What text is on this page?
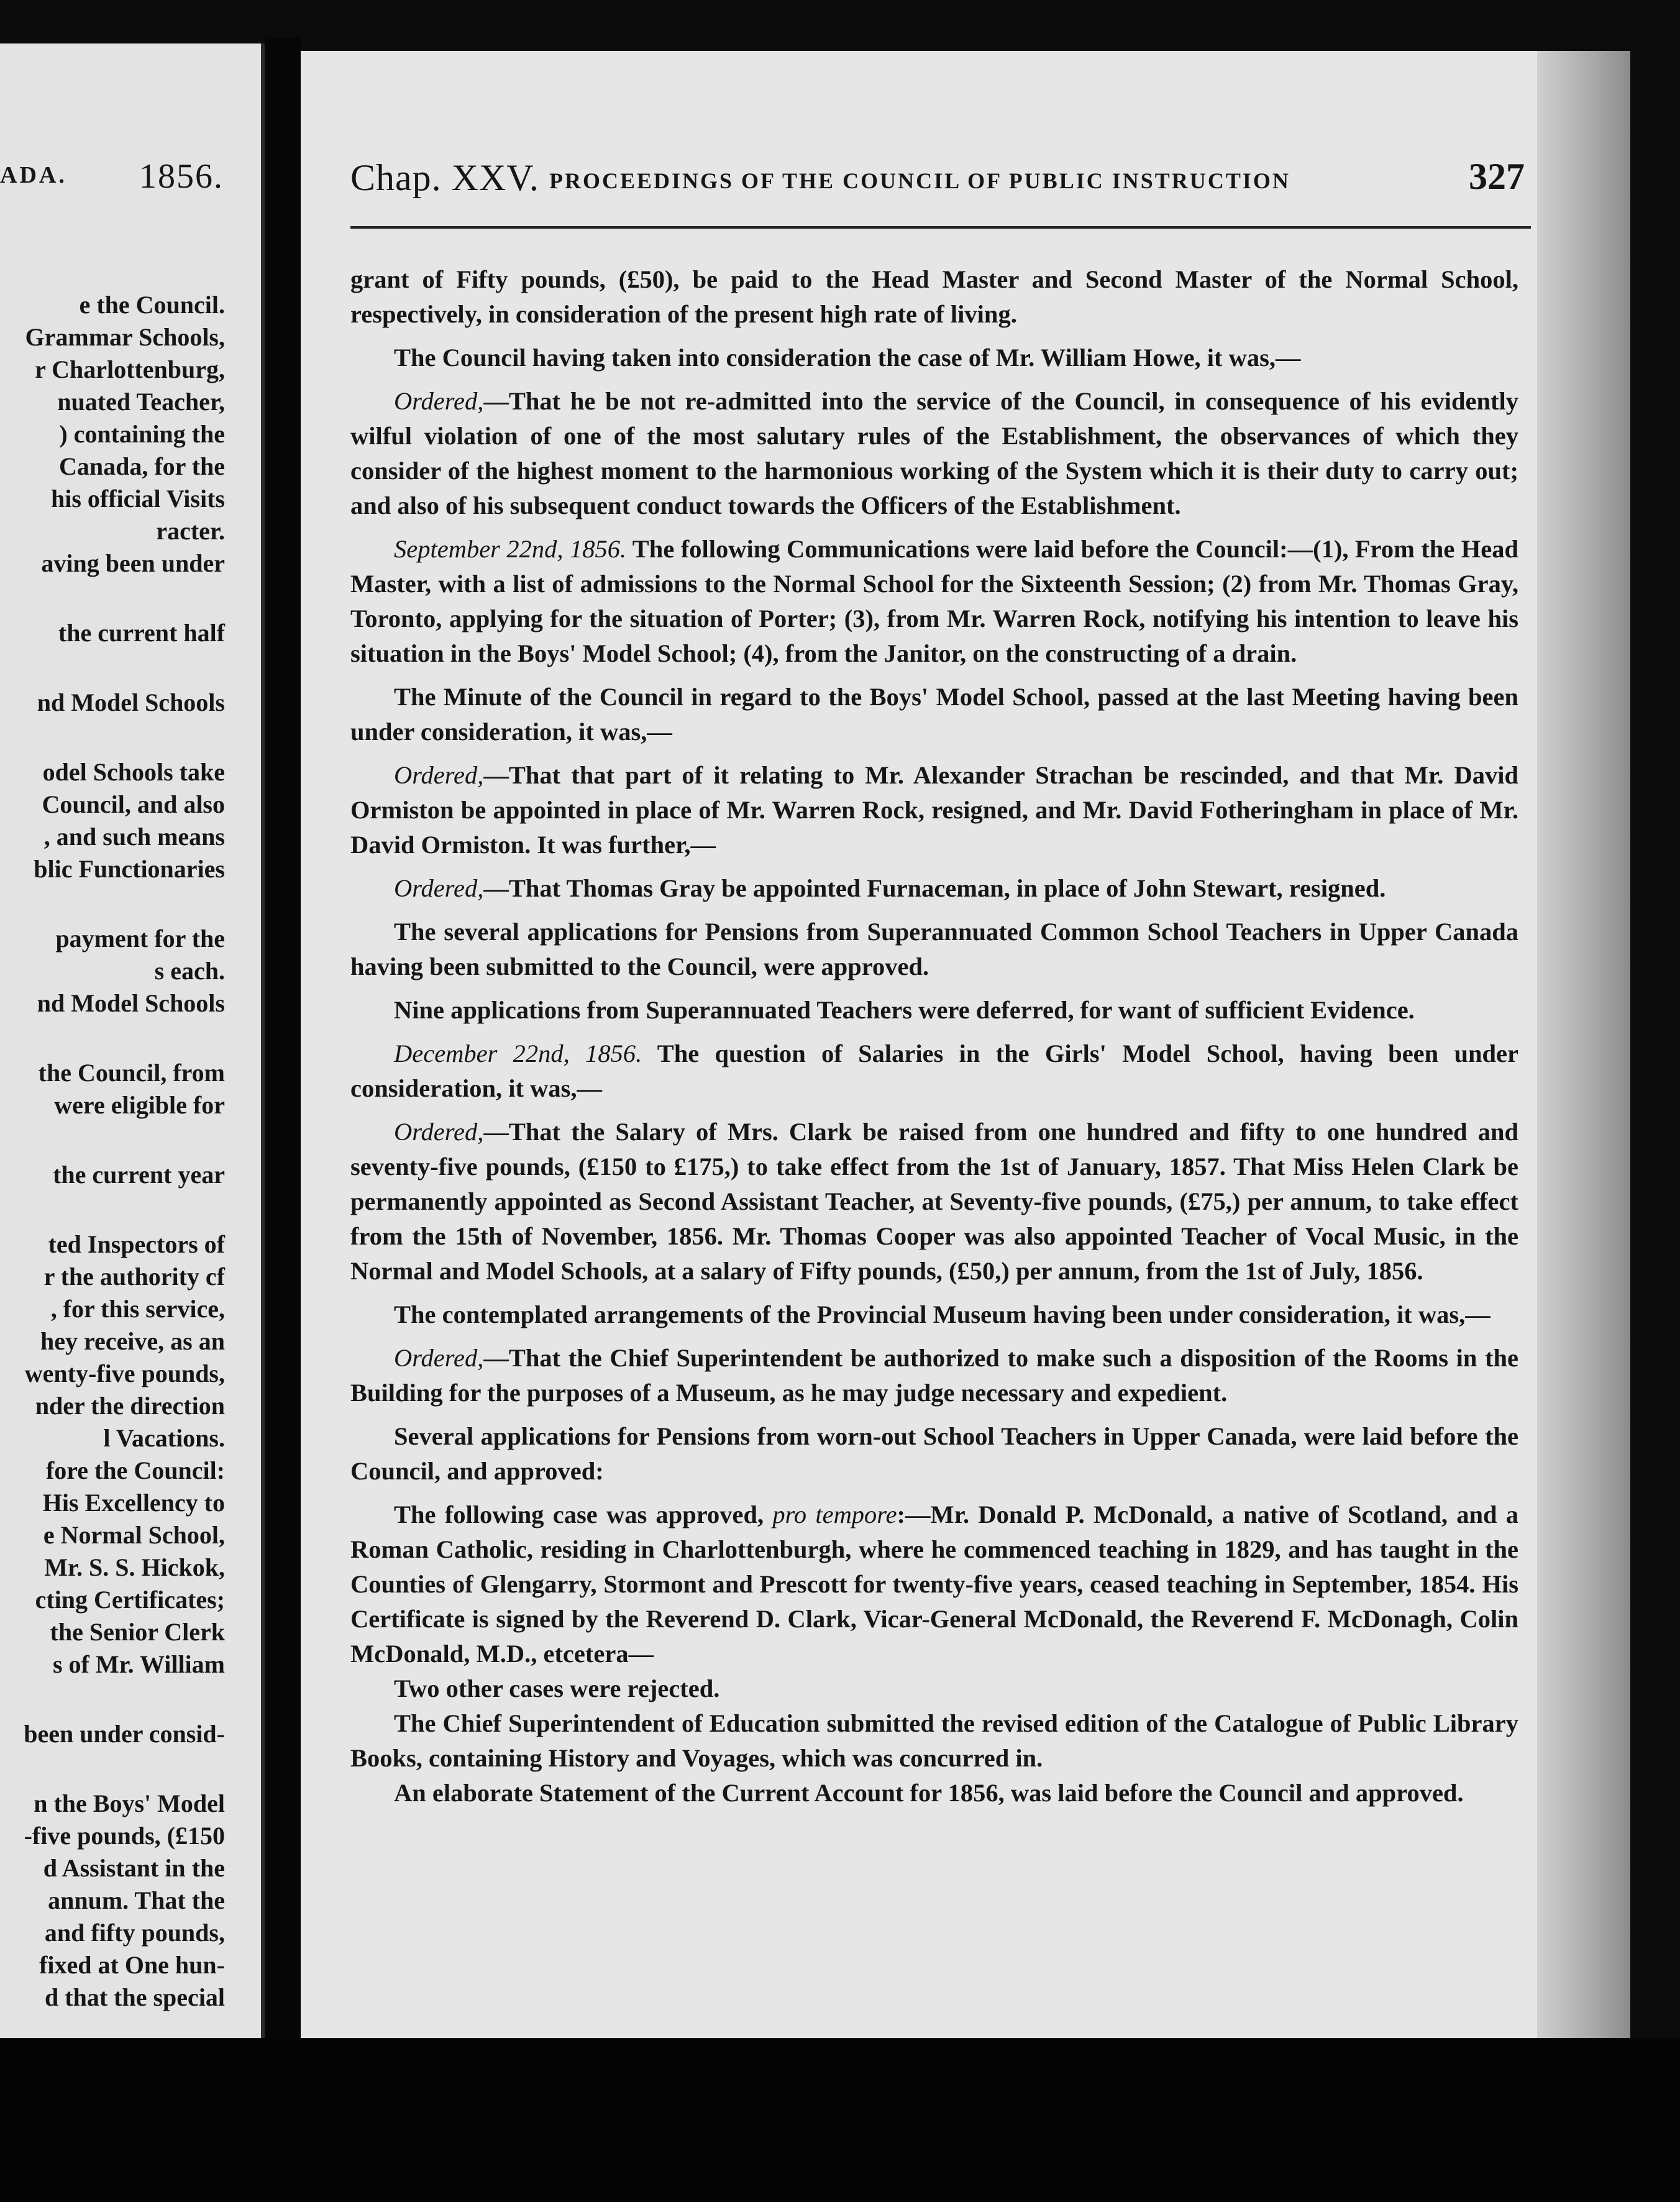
ADA. 1856.
e the Council.
Grammar Schools,
r Charlottenburg,
nuated Teacher,
) containing the
Canada, for the
his official Visits
racter.
aving been under
the current half
nd Model Schools
odel Schools take
Council, and also
, and such means
blic Functionaries
payment for the
s each.
nd Model Schools
the Council, from
were eligible for
the current year
ted Inspectors of
r the authority cf
, for this service,
hey receive, as an
wenty-five pounds,
nder the direction
l Vacations.
fore the Council:
His Excellency to
e Normal School,
Mr. S. S. Hickok,
cting Certificates;
the Senior Clerk
s of Mr. William
been under consid-
n the Boys' Model
-five pounds, (£150
d Assistant in the
annum. That the
and fifty pounds,
fixed at One hun-
d that the special
Chap. XXV. PROCEEDINGS OF THE COUNCIL OF PUBLIC INSTRUCTION	327

grant of Fifty pounds, (£50), be paid to the Head Master and Second Master of the Normal School, respectively, in consideration of the present high rate of living.

The Council having taken into consideration the case of Mr. William Howe, it was,—

Ordered,—That he be not re-admitted into the service of the Council, in consequence of his evidently wilful violation of one of the most salutary rules of the Establishment, the observances of which they consider of the highest moment to the harmonious working of the System which it is their duty to carry out; and also of his subsequent conduct towards the Officers of the Establishment.

September 22nd, 1856. The following Communications were laid before the Council:—(1), From the Head Master, with a list of admissions to the Normal School for the Sixteenth Session; (2) from Mr. Thomas Gray, Toronto, applying for the situation of Porter; (3), from Mr. Warren Rock, notifying his intention to leave his situation in the Boys' Model School; (4), from the Janitor, on the constructing of a drain.

The Minute of the Council in regard to the Boys' Model School, passed at the last Meeting having been under consideration, it was,—

Ordered,—That that part of it relating to Mr. Alexander Strachan be rescinded, and that Mr. David Ormiston be appointed in place of Mr. Warren Rock, resigned, and Mr. David Fotheringham in place of Mr. David Ormiston. It was further,—

Ordered,—That Thomas Gray be appointed Furnaceman, in place of John Stewart, resigned.

The several applications for Pensions from Superannuated Common School Teachers in Upper Canada having been submitted to the Council, were approved.

Nine applications from Superannuated Teachers were deferred, for want of sufficient Evidence.

December 22nd, 1856. The question of Salaries in the Girls' Model School, having been under consideration, it was,—

Ordered,—That the Salary of Mrs. Clark be raised from one hundred and fifty to one hundred and seventy-five pounds, (£150 to £175,) to take effect from the 1st of January, 1857. That Miss Helen Clark be permanently appointed as Second Assistant Teacher, at Seventy-five pounds, (£75,) per annum, to take effect from the 15th of November, 1856. Mr. Thomas Cooper was also appointed Teacher of Vocal Music, in the Normal and Model Schools, at a salary of Fifty pounds, (£50,) per annum, from the 1st of July, 1856.

The contemplated arrangements of the Provincial Museum having been under consideration, it was,—

Ordered,—That the Chief Superintendent be authorized to make such a disposition of the Rooms in the Building for the purposes of a Museum, as he may judge necessary and expedient.

Several applications for Pensions from worn-out School Teachers in Upper Canada, were laid before the Council, and approved:

The following case was approved, pro tempore:—Mr. Donald P. McDonald, a native of Scotland, and a Roman Catholic, residing in Charlottenburgh, where he commenced teaching in 1829, and has taught in the Counties of Glengarry, Stormont and Prescott for twenty-five years, ceased teaching in September, 1854. His Certificate is signed by the Reverend D. Clark, Vicar-General McDonald, the Reverend F. McDonagh, Colin McDonald, M.D., etcetera—

Two other cases were rejected.

The Chief Superintendent of Education submitted the revised edition of the Catalogue of Public Library Books, containing History and Voyages, which was concurred in.

An elaborate Statement of the Current Account for 1856, was laid before the Council and approved.
